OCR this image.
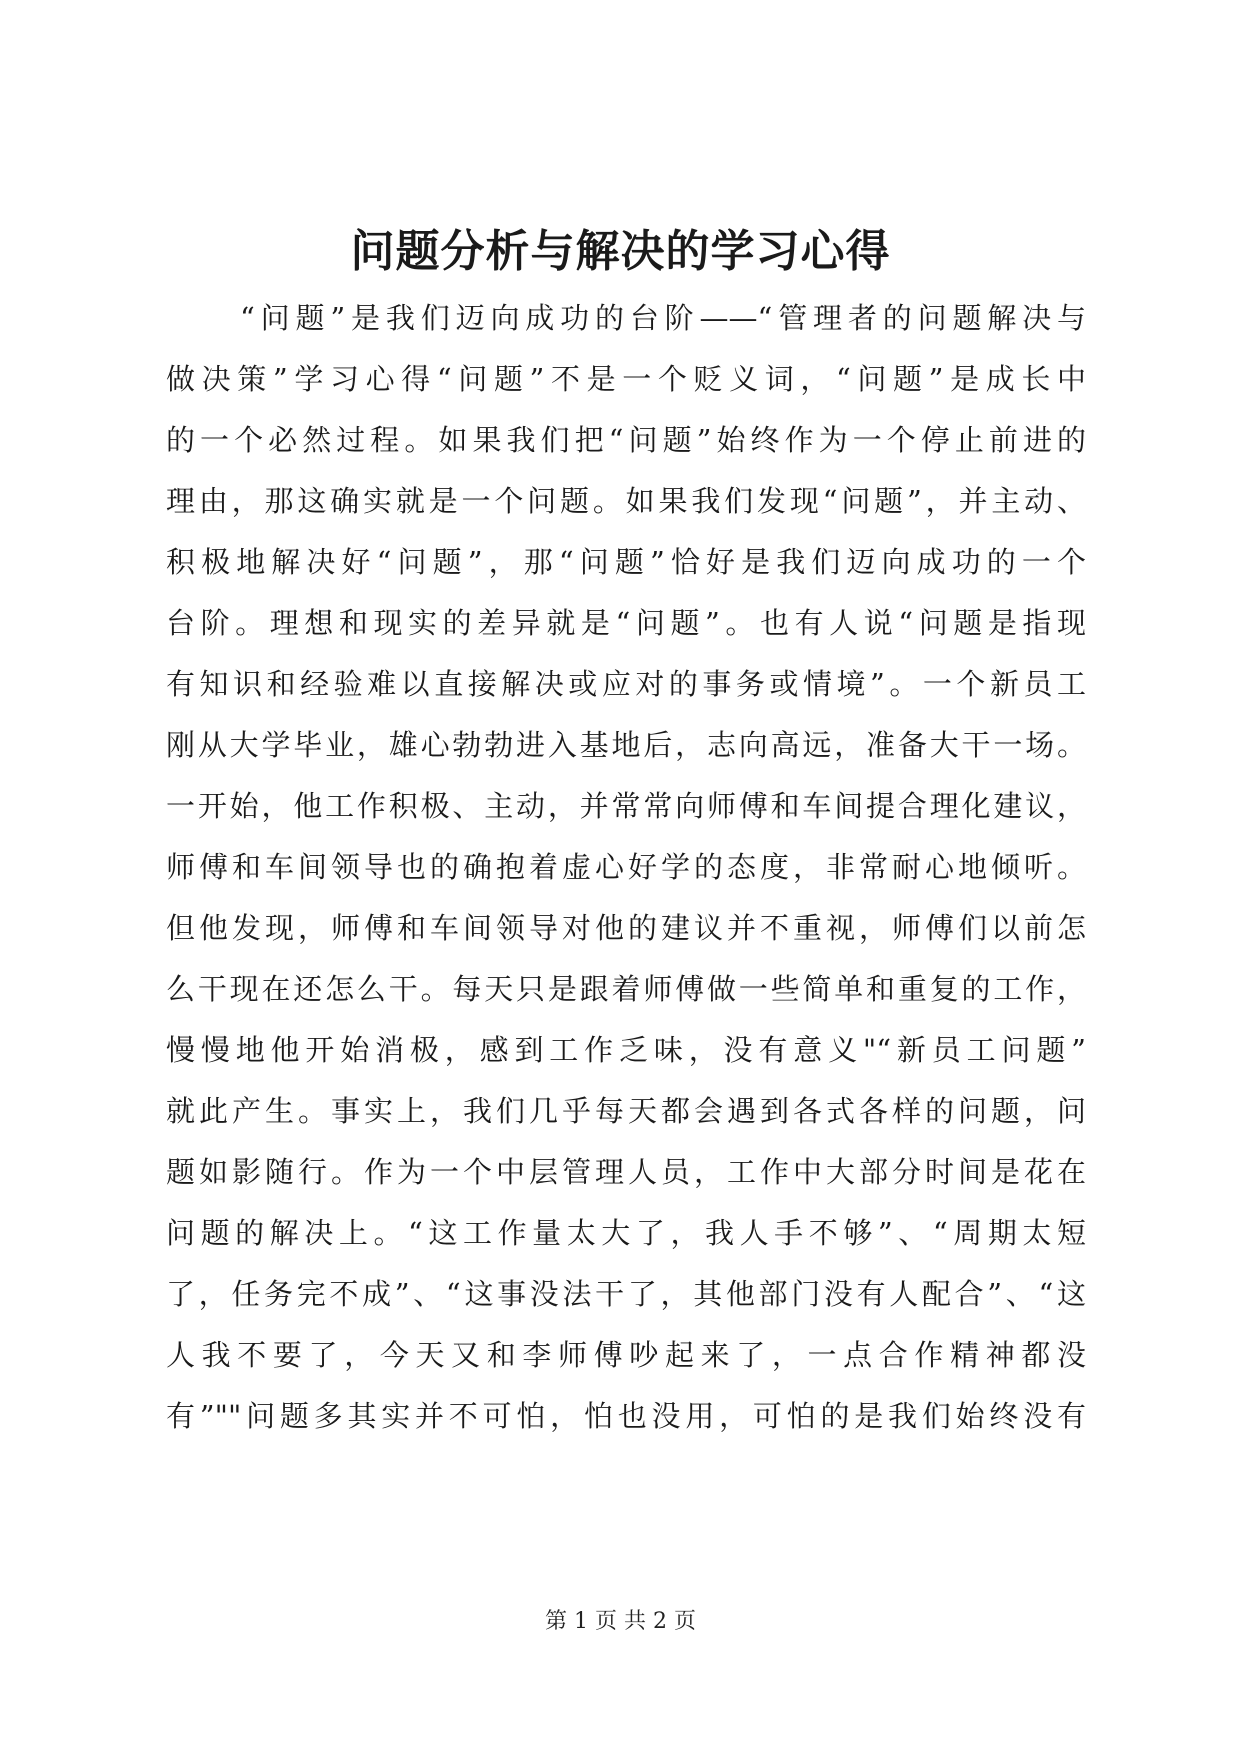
问题分析与解决的学习心得
“问题”是我们迈向成功的台阶——“管理者的问题解决与
做决策”学习心得“问题”不是一个贬义词，“问题”是成长中
的一个必然过程。如果我们把“问题”始终作为一个停止前进的
理由，那这确实就是一个问题。如果我们发现“问题”，并主动、
积极地解决好“问题”，那“问题”恰好是我们迈向成功的一个
台阶。理想和现实的差异就是“问题”。也有人说“问题是指现
有知识和经验难以直接解决或应对的事务或情境”。一个新员工
刚从大学毕业，雄心勃勃进入基地后，志向高远，准备大干一场。
一开始，他工作积极、主动，并常常向师傅和车间提合理化建议，
师傅和车间领导也的确抱着虚心好学的态度，非常耐心地倾听。
但他发现，师傅和车间领导对他的建议并不重视，师傅们以前怎
么干现在还怎么干。每天只是跟着师傅做一些简单和重复的工作，
慢慢地他开始消极，感到工作乏味，没有意义"“新员工问题”
就此产生。事实上，我们几乎每天都会遇到各式各样的问题，问
题如影随行。作为一个中层管理人员，工作中大部分时间是花在
问题的解决上。“这工作量太大了，我人手不够”、“周期太短
了，任务完不成”、“这事没法干了，其他部门没有人配合”、“这
人我不要了，今天又和李师傅吵起来了，一点合作精神都没
有”""问题多其实并不可怕，怕也没用，可怕的是我们始终没有
第 1 页 共 2 页
